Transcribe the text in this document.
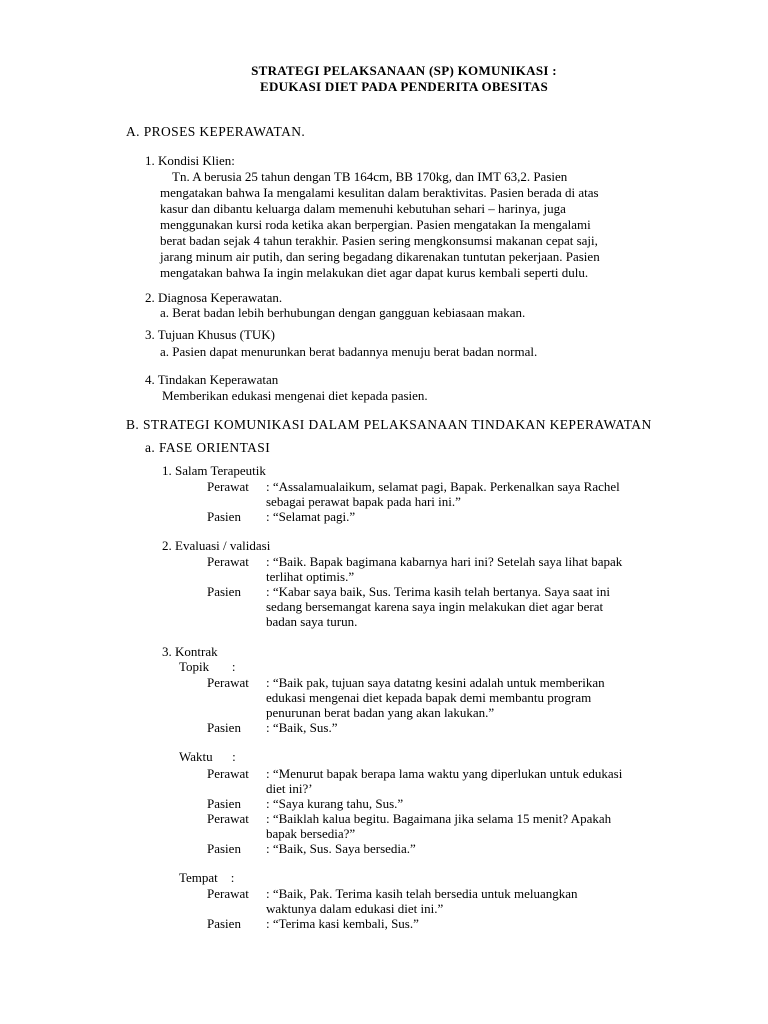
STRATEGI PELAKSANAAN (SP) KOMUNIKASI :
EDUKASI DIET PADA PENDERITA OBESITAS
A. PROSES KEPERAWATAN.
1. Kondisi Klien:
Tn. A berusia 25 tahun dengan TB 164cm, BB 170kg, dan IMT 63,2. Pasien
mengatakan bahwa Ia mengalami kesulitan dalam beraktivitas. Pasien berada di atas
kasur dan dibantu keluarga dalam memenuhi kebutuhan sehari – harinya, juga
menggunakan kursi roda ketika akan berpergian. Pasien mengatakan Ia mengalami
berat badan sejak 4 tahun terakhir. Pasien sering mengkonsumsi makanan cepat saji,
jarang minum air putih, dan sering begadang dikarenakan tuntutan pekerjaan. Pasien
mengatakan bahwa Ia ingin melakukan diet agar dapat kurus kembali seperti dulu.
2. Diagnosa Keperawatan.
a. Berat badan lebih berhubungan dengan gangguan kebiasaan makan.
3. Tujuan Khusus (TUK)
a. Pasien dapat menurunkan berat badannya menuju berat badan normal.
4. Tindakan Keperawatan
Memberikan edukasi mengenai diet kepada pasien.
B. STRATEGI KOMUNIKASI DALAM PELAKSANAAN TINDAKAN KEPERAWATAN
a. FASE ORIENTASI
1. Salam Terapeutik
Perawat : “Assalamualaikum, selamat pagi, Bapak. Perkenalkan saya Rachel
sebagai perawat bapak pada hari ini.”
Pasien : “Selamat pagi.”
2. Evaluasi / validasi
Perawat : “Baik. Bapak bagimana kabarnya hari ini? Setelah saya lihat bapak
terlihat optimis.”
Pasien : “Kabar saya baik, Sus. Terima kasih telah bertanya. Saya saat ini
sedang bersemangat karena saya ingin melakukan diet agar berat
badan saya turun.
3. Kontrak
Topik       :
Perawat : “Baik pak, tujuan saya datatng kesini adalah untuk memberikan
edukasi mengenai diet kepada bapak demi membantu program
penurunan berat badan yang akan lakukan.”
Pasien : “Baik, Sus.”
Waktu      :
Perawat : “Menurut bapak berapa lama waktu yang diperlukan untuk edukasi
diet ini?’
Pasien : “Saya kurang tahu, Sus.”
Perawat : “Baiklah kalua begitu. Bagaimana jika selama 15 menit? Apakah
bapak bersedia?”
Pasien : “Baik, Sus. Saya bersedia.”
Tempat    :
Perawat : “Baik, Pak. Terima kasih telah bersedia untuk meluangkan
waktunya dalam edukasi diet ini.”
Pasien : “Terima kasi kembali, Sus.”
